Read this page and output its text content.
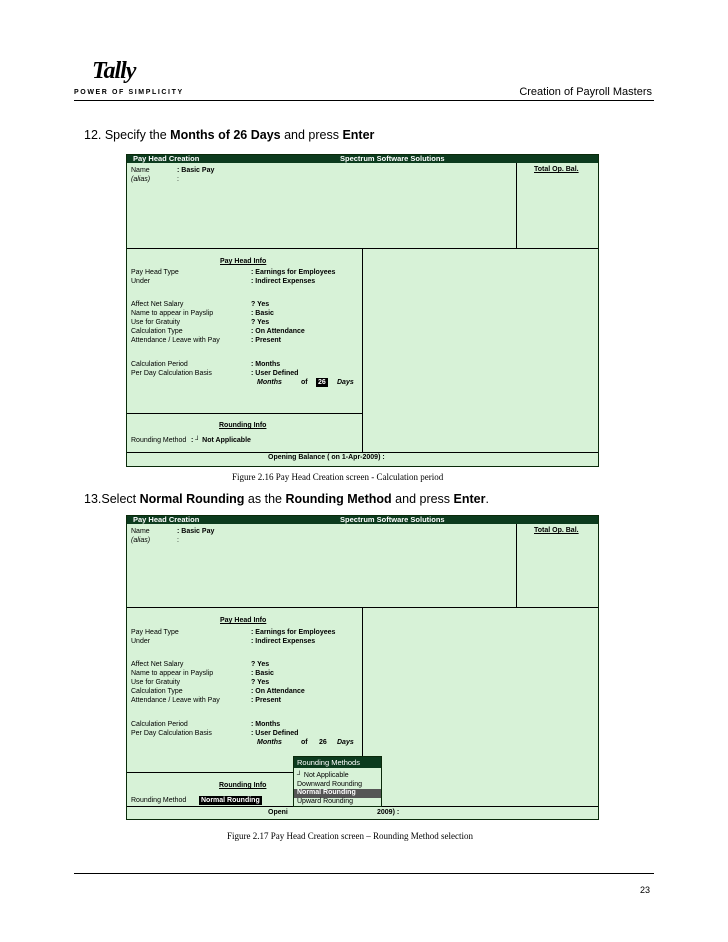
Tally
POWER OF SIMPLICITY	Creation of Payroll Masters
12. Specify the Months of 26 Days and press Enter
Pay Head Creation	Spectrum Software Solutions
Total Op. Bal.
Name	: Basic Pay
(alias)	:
Pay Head Info
Pay Head Type	: Earnings for Employees
Under	: Indirect Expenses
Affect Net Salary	? Yes
Name to appear in Payslip	: Basic
Use for Gratuity	? Yes
Calculation Type	: On Attendance
Attendance / Leave with Pay	: Present
Calculation Period	: Months
Per Day Calculation Basis	: User Defined
Months	of 26 Days
Rounding Info
Rounding Method : ┘ Not Applicable
Opening Balance ( on 1-Apr-2009) :
Figure 2.16 Pay Head Creation screen - Calculation period
13.Select Normal Rounding as the Rounding Method and press Enter.
Pay Head Creation	Spectrum Software Solutions
Total Op. Bal.
Name	: Basic Pay
(alias)	:
Pay Head Info
Pay Head Type	: Earnings for Employees
Under	: Indirect Expenses
Affect Net Salary	? Yes
Name to appear in Payslip	: Basic
Use for Gratuity	? Yes
Calculation Type	: On Attendance
Attendance / Leave with Pay	: Present
Calculation Period	: Months
Per Day Calculation Basis	: User Defined
Months	of 26 Days
Rounding Info
Rounding Method Normal Rounding
Openi	2009) :
Rounding Methods
┘ Not Applicable
Downward Rounding
Normal Rounding
Upward Rounding
Figure 2.17 Pay Head Creation screen – Rounding Method selection
23
